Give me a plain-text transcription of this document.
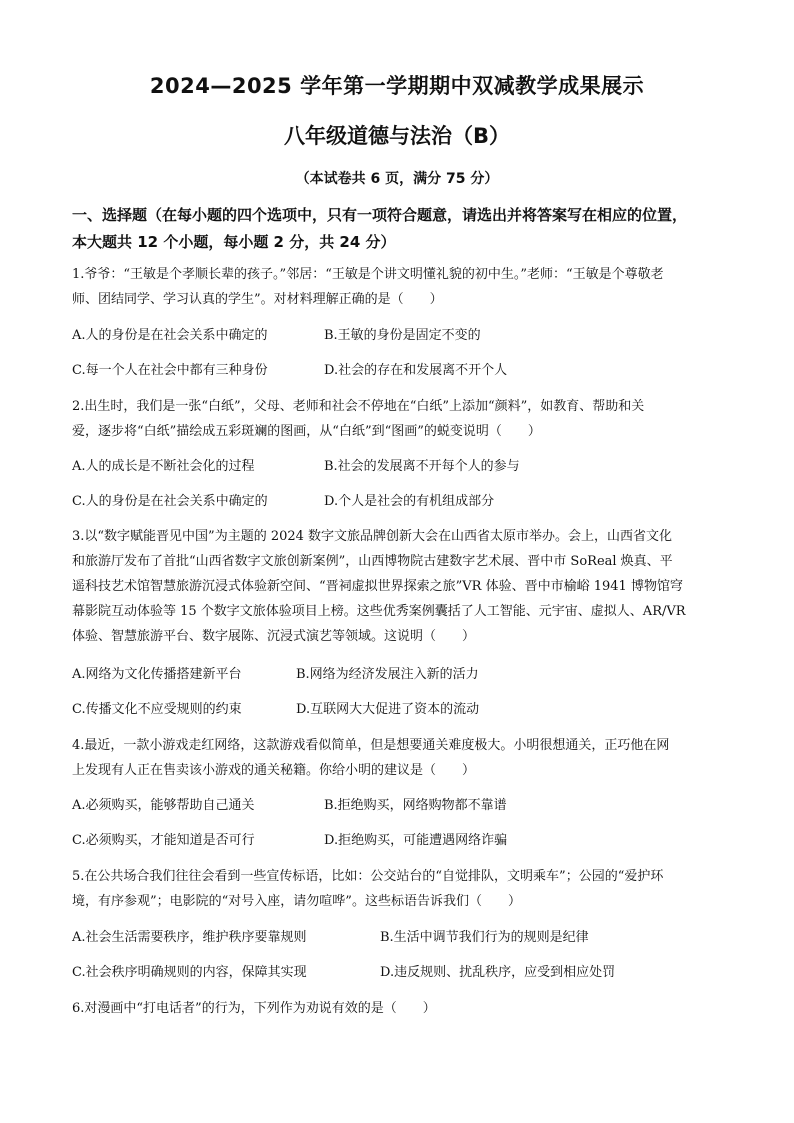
2024—2025 学年第一学期期中双减教学成果展示
八年级道德与法治（B）
（本试卷共 6 页，满分 75 分）
一、选择题（在每小题的四个选项中，只有一项符合题意，请选出并将答案写在相应的位置，
本大题共 12 个小题，每小题 2 分，共 24 分）
1.爷爷：“王敏是个孝顺长辈的孩子。”邻居：“王敏是个讲文明懂礼貌的初中生。”老师：“王敏是个尊敬老
师、团结同学、学习认真的学生”。对材料理解正确的是（　　）
A.人的身份是在社会关系中确定的	B.王敏的身份是固定不变的
C.每一个人在社会中都有三种身份	D.社会的存在和发展离不开个人
2.出生时，我们是一张“白纸”，父母、老师和社会不停地在“白纸”上添加“颜料”，如教育、帮助和关
爱，逐步将“白纸”描绘成五彩斑斓的图画，从“白纸”到“图画”的蜕变说明（　　）
A.人的成长是不断社会化的过程	B.社会的发展离不开每个人的参与
C.人的身份是在社会关系中确定的	D.个人是社会的有机组成部分
3.以“数字赋能晋见中国”为主题的 2024 数字文旅品牌创新大会在山西省太原市举办。会上，山西省文化
和旅游厅发布了首批“山西省数字文旅创新案例”，山西博物院古建数字艺术展、晋中市 SoReal 焕真、平
遥科技艺术馆智慧旅游沉浸式体验新空间、“晋祠虚拟世界探索之旅”VR 体验、晋中市榆峪 1941 博物馆穹
幕影院互动体验等 15 个数字文旅体验项目上榜。这些优秀案例囊括了人工智能、元宇宙、虚拟人、AR/VR
体验、智慧旅游平台、数字展陈、沉浸式演艺等领域。这说明（　　）
A.网络为文化传播搭建新平台	B.网络为经济发展注入新的活力
C.传播文化不应受规则的约束	D.互联网大大促进了资本的流动
4.最近，一款小游戏走红网络，这款游戏看似简单，但是想要通关难度极大。小明很想通关，正巧他在网
上发现有人正在售卖该小游戏的通关秘籍。你给小明的建议是（　　）
A.必须购买，能够帮助自己通关	B.拒绝购买，网络购物都不靠谱
C.必须购买，才能知道是否可行	D.拒绝购买，可能遭遇网络诈骗
5.在公共场合我们往往会看到一些宣传标语，比如：公交站台的“自觉排队，文明乘车”；公园的“爱护环
境，有序参观”；电影院的“对号入座，请勿喧哗”。这些标语告诉我们（　　）
A.社会生活需要秩序，维护秩序要靠规则	B.生活中调节我们行为的规则是纪律
C.社会秩序明确规则的内容，保障其实现	D.违反规则、扰乱秩序，应受到相应处罚
6.对漫画中“打电话者”的行为，下列作为劝说有效的是（　　）
